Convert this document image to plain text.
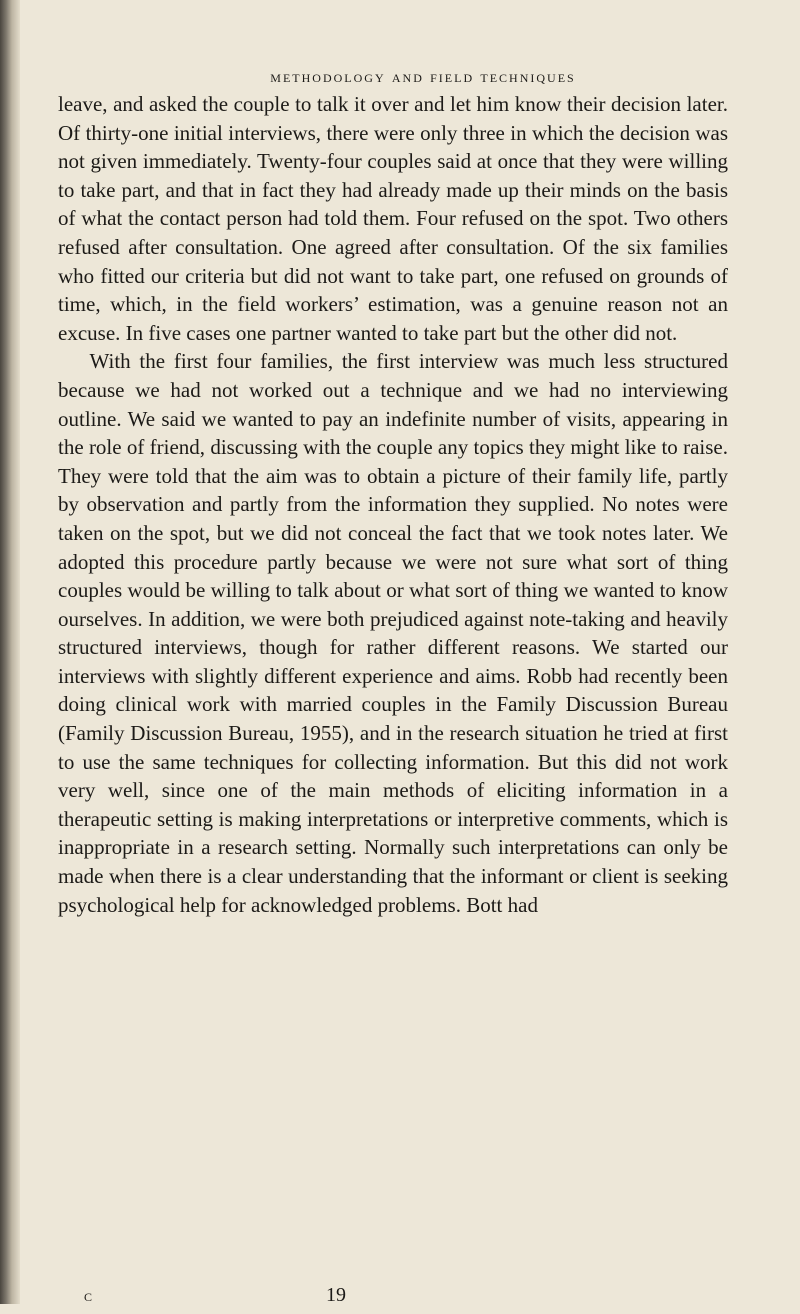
methodology and field techniques

leave, and asked the couple to talk it over and let him know their decision later. Of thirty-one initial interviews, there were only three in which the decision was not given immediately. Twenty-four couples said at once that they were willing to take part, and that in fact they had already made up their minds on the basis of what the contact person had told them. Four refused on the spot. Two others refused after consultation. One agreed after consultation. Of the six families who fitted our criteria but did not want to take part, one refused on grounds of time, which, in the field workers’ estimation, was a genuine reason not an excuse. In five cases one partner wanted to take part but the other did not.

With the first four families, the first interview was much less structured because we had not worked out a technique and we had no interviewing outline. We said we wanted to pay an indefinite number of visits, appearing in the role of friend, discussing with the couple any topics they might like to raise. They were told that the aim was to obtain a picture of their family life, partly by observation and partly from the information they supplied. No notes were taken on the spot, but we did not conceal the fact that we took notes later. We adopted this procedure partly because we were not sure what sort of thing couples would be willing to talk about or what sort of thing we wanted to know ourselves. In addition, we were both prejudiced against note-taking and heavily structured interviews, though for rather different reasons. We started our interviews with slightly different experience and aims. Robb had recently been doing clinical work with married couples in the Family Discussion Bureau (Family Discussion Bureau, 1955), and in the research situation he tried at first to use the same techniques for collecting information. But this did not work very well, since one of the main methods of eliciting information in a therapeutic setting is making interpretations or interpretive comments, which is inappropriate in a research setting. Normally such interpretations can only be made when there is a clear understanding that the informant or client is seeking psychological help for acknowledged problems. Bott had

c	19
